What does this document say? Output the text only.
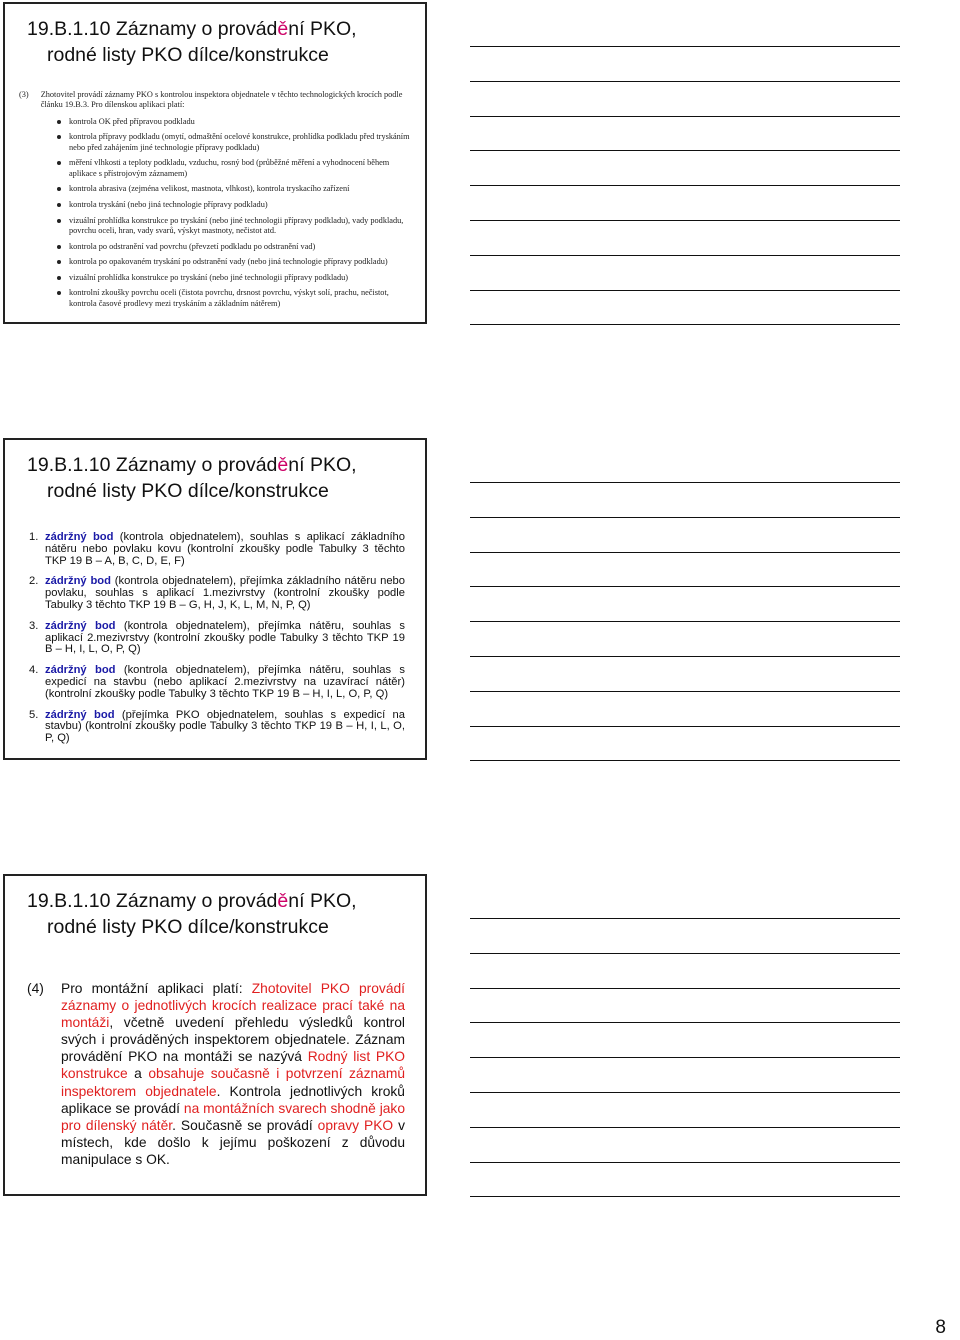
19.B.1.10 Záznamy o provádění PKO,
rodné listy PKO dílce/konstrukce
(3) Zhotovitel provádí záznamy PKO s kontrolou inspektora objednatele v těchto technologických krocích podle článku 19.B.3. Pro dílenskou aplikaci platí:
kontrola OK před přípravou podkladu
kontrola přípravy podkladu (omytí, odmaštění ocelové konstrukce, prohlídka podkladu před tryskáním nebo před zahájením jiné technologie přípravy podkladu)
měření vlhkosti a teploty podkladu, vzduchu, rosný bod (průběžné měření a vyhodnocení během aplikace s přístrojovým záznamem)
kontrola abrasiva (zejména velikost, mastnota, vlhkost), kontrola tryskacího zařízení
kontrola tryskání (nebo jiná technologie přípravy podkladu)
vizuální prohlídka konstrukce po tryskání (nebo jiné technologii přípravy podkladu), vady podkladu, povrchu oceli, hran, vady svarů, výskyt mastnoty, nečistot atd.
kontrola po odstranění vad povrchu (převzetí podkladu po odstranění vad)
kontrola po opakovaném tryskání po odstranění vady (nebo jiná technologie přípravy podkladu)
vizuální prohlídka konstrukce po tryskání (nebo jiné technologii přípravy podkladu)
kontrolní zkoušky povrchu oceli (čistota povrchu, drsnost povrchu, výskyt solí, prachu, nečistot, kontrola časové prodlevy mezi tryskáním a základním nátěrem)
19.B.1.10 Záznamy o provádění PKO,
rodné listy PKO dílce/konstrukce
1. zádržný bod (kontrola objednatelem), souhlas s aplikací základního nátěru nebo povlaku kovu (kontrolní zkoušky podle Tabulky 3 těchto TKP 19 B – A, B, C, D, E, F)
2. zádržný bod (kontrola objednatelem), přejímka základního nátěru nebo povlaku, souhlas s aplikací 1.mezivrstvy (kontrolní zkoušky podle Tabulky 3 těchto TKP 19 B – G, H, J, K, L, M, N, P, Q)
3. zádržný bod (kontrola objednatelem), přejímka nátěru, souhlas s aplikací 2.mezivrstvy (kontrolní zkoušky podle Tabulky 3 těchto TKP 19 B – H, I, L, O, P, Q)
4. zádržný bod (kontrola objednatelem), přejímka nátěru, souhlas s expedicí na stavbu (nebo aplikací 2.mezivrstvy na uzavírací nátěr) (kontrolní zkoušky podle Tabulky 3 těchto TKP 19 B – H, I, L, O, P, Q)
5. zádržný bod (přejímka PKO objednatelem, souhlas s expedicí na stavbu) (kontrolní zkoušky podle Tabulky 3 těchto TKP 19 B – H, I, L, O, P, Q)
19.B.1.10 Záznamy o provádění PKO,
rodné listy PKO dílce/konstrukce
(4)	Pro montážní aplikaci platí: Zhotovitel PKO provádí záznamy o jednotlivých krocích realizace prací také na montáži, včetně uvedení přehledu výsledků kontrol svých i prováděných inspektorem objednatele. Záznam provádění PKO na montáži se nazývá Rodný list PKO konstrukce a obsahuje současně i potvrzení záznamů inspektorem objednatele. Kontrola jednotlivých kroků aplikace se provádí na montážních svarech shodně jako pro dílenský nátěr. Současně se provádí opravy PKO v místech, kde došlo k jejímu poškození z důvodu manipulace s OK.
8
